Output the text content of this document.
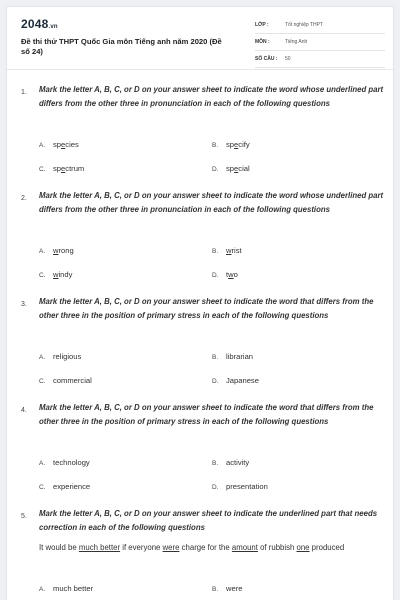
2048.vn
Đề thi thử THPT Quốc Gia môn Tiếng anh năm 2020 (Đề số 24)
LỚP :	Tốt nghiệp THPT
MÔN :	Tiếng Anh
SỐ CÂU :	50
1. Mark the letter A, B, C, or D on your answer sheet to indicate the word whose underlined part differs from the other three in pronunciation in each of the following questions
A. species	B. specify
C. spectrum	D. special
2. Mark the letter A, B, C, or D on your answer sheet to indicate the word whose underlined part differs from the other three in pronunciation in each of the following questions
A. wrong	B. wrist
C. windy	D. two
3. Mark the letter A, B, C, or D on your answer sheet to indicate the word that differs from the other three in the position of primary stress in each of the following questions
A. religious	B. librarian
C. commercial	D. Japanese
4. Mark the letter A, B, C, or D on your answer sheet to indicate the word that differs from the other three in the position of primary stress in each of the following questions
A. technology	B. activity
C. experience	D. presentation
5. Mark the letter A, B, C, or D on your answer sheet to indicate the underlined part that needs correction in each of the following questions
It would be much better if everyone were charge for the amount of rubbish one produced
A. much better	B. were
